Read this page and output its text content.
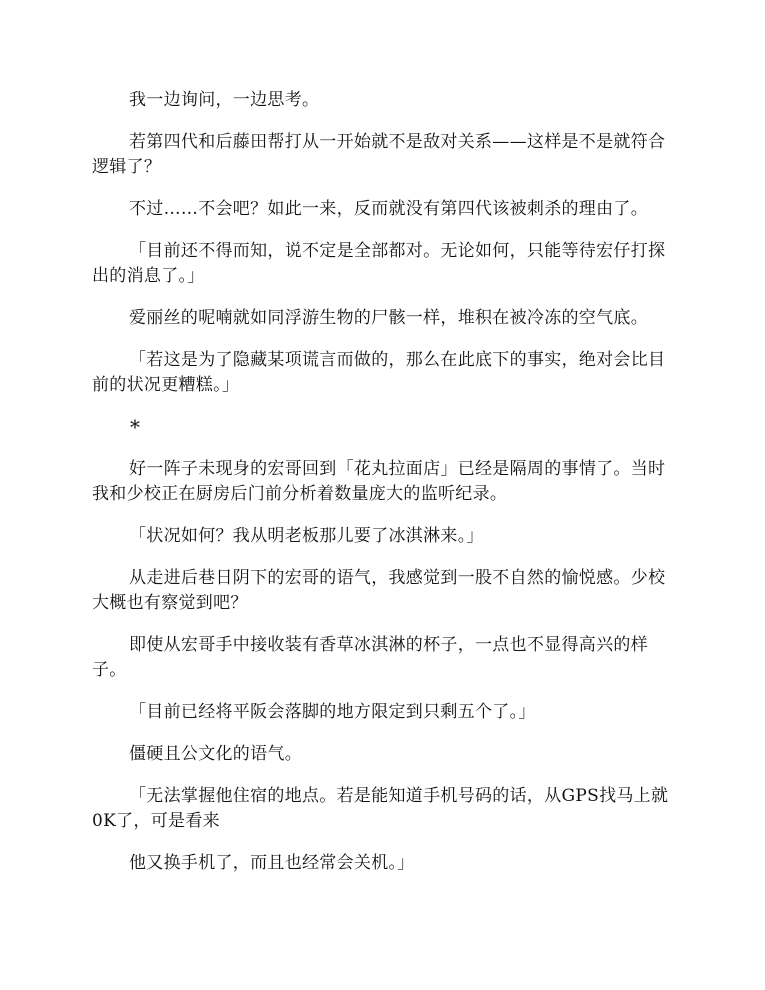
我一边询问，一边思考。

若第四代和后藤田帮打从一开始就不是敌对关系——这样是不是就符合逻辑了？

不过……不会吧？如此一来，反而就没有第四代该被刺杀的理由了。

「目前还不得而知，说不定是全部都对。无论如何，只能等待宏仔打探出的消息了。」

爱丽丝的呢喃就如同浮游生物的尸骸一样，堆积在被冷冻的空气底。

「若这是为了隐藏某项谎言而做的，那么在此底下的事实，绝对会比目前的状况更糟糕。」

*

好一阵子未现身的宏哥回到「花丸拉面店」已经是隔周的事情了。当时我和少校正在厨房后门前分析着数量庞大的监听纪录。

「状况如何？我从明老板那儿要了冰淇淋来。」

从走进后巷日阴下的宏哥的语气，我感觉到一股不自然的愉悦感。少校大概也有察觉到吧？

即使从宏哥手中接收装有香草冰淇淋的杯子，一点也不显得高兴的样子。

「目前已经将平阪会落脚的地方限定到只剩五个了。」

僵硬且公文化的语气。

「无法掌握他住宿的地点。若是能知道手机号码的话，从GPS找马上就0K了，可是看来

他又换手机了，而且也经常会关机。」
